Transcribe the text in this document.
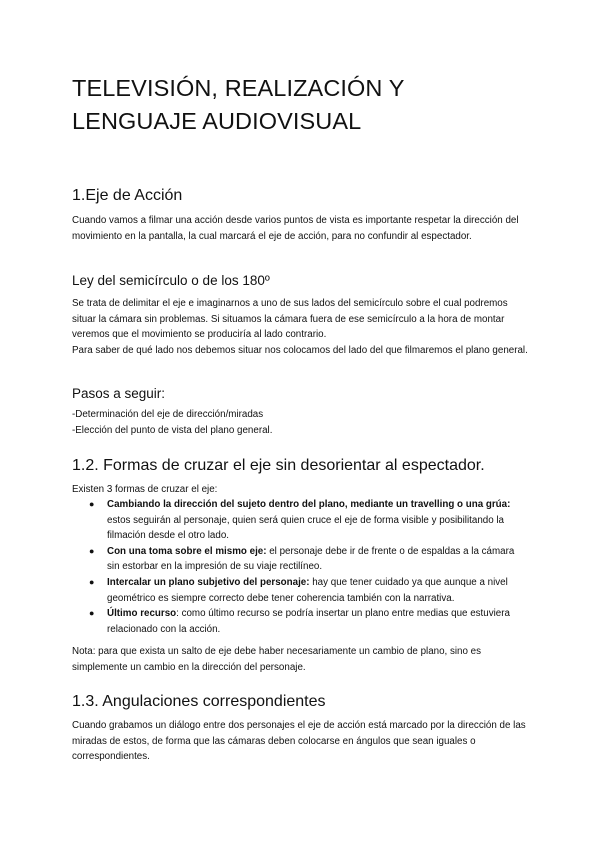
TELEVISIÓN, REALIZACIÓN Y
LENGUAJE AUDIOVISUAL
1.Eje de Acción

Cuando vamos a filmar una acción desde varios puntos de vista es importante respetar la dirección del movimiento en la pantalla, la cual marcará el eje de acción, para no confundir al espectador.

Ley del semicírculo o de los 180º

Se trata de delimitar el eje e imaginarnos a uno de sus lados del semicírculo sobre el cual podremos situar la cámara sin problemas. Si situamos la cámara fuera de ese semicírculo a la hora de montar veremos que el movimiento se produciría al lado contrario.
Para saber de qué lado nos debemos situar nos colocamos del lado del que filmaremos el plano general.

Pasos a seguir:

-Determinación del eje de dirección/miradas
-Elección del punto de vista del plano general.

1.2. Formas de cruzar el eje sin desorientar al espectador.

Existen 3 formas de cruzar el eje:

● Cambiando la dirección del sujeto dentro del plano, mediante un travelling o una grúa: estos seguirán al personaje, quien será quien cruce el eje de forma visible y posibilitando la filmación desde el otro lado.
● Con una toma sobre el mismo eje: el personaje debe ir de frente o de espaldas a la cámara sin estorbar en la impresión de su viaje rectilíneo.
● Intercalar un plano subjetivo del personaje: hay que tener cuidado ya que aunque a nivel geométrico es siempre correcto debe tener coherencia también con la narrativa.
● Último recurso: como último recurso se podría insertar un plano entre medias que estuviera relacionado con la acción.

Nota: para que exista un salto de eje debe haber necesariamente un cambio de plano, sino es simplemente un cambio en la dirección del personaje.

1.3. Angulaciones correspondientes

Cuando grabamos un diálogo entre dos personajes el eje de acción está marcado por la dirección de las miradas de estos, de forma que las cámaras deben colocarse en ángulos que sean iguales o correspondientes.
